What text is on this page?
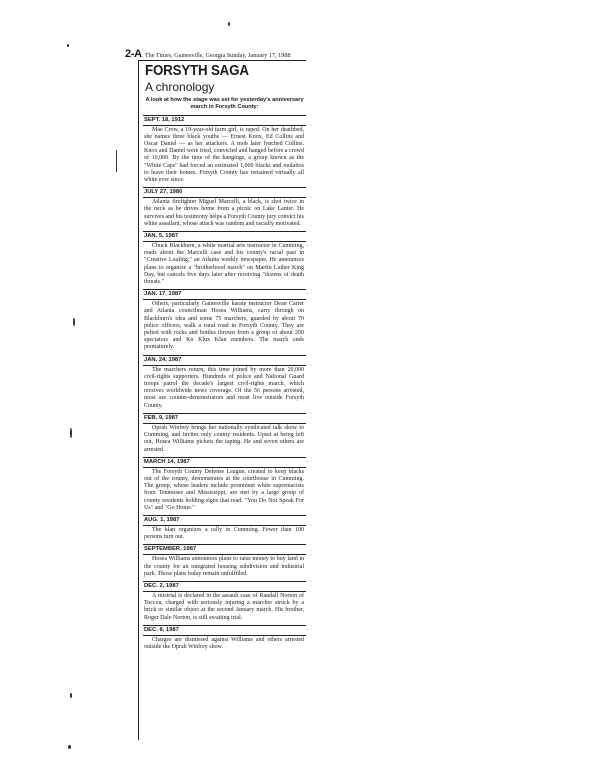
2-A The Times, Gainesville, Georgia Sunday, January 17, 1988
FORSYTH SAGA
A chronology
A look at how the stage was set for yesterday's anniversary march in Forsyth County:
SEPT. 18, 1912
Mae Crow, a 19-year-old farm girl, is raped. On her deathbed, she names three black youths — Ernest Knox, Ed Collins and Oscar Daniel — as her attackers. A mob later lynched Collins. Knox and Daniel were tried, convicted and hanged before a crowd of 10,000. By the time of the hangings, a group known as the "White Caps" had forced an estimated 1,000 blacks and mulattos to leave their homes. Forsyth County has remained virtually all white ever since.
JULY 27, 1980
Atlanta firefighter Miguel Marcelli, a black, is shot twice in the neck as he drives home from a picnic on Lake Lanier. He survives and his testimony helps a Forsyth County jury convict his white assailant, whose attack was random and racially motivated.
JAN. 5, 1987
Chuck Blackburn, a white martial arts instructor in Cumming, reads about the Marcelli case and his county's racial past in "Creative Loafing," an Atlanta weekly newspaper. He announces plans to organize a "brotherhood march" on Martin Luther King Day, but cancels five days later after receiving "dozens of death threats."
JAN. 17, 1987
Others, particularly Gainesville karate instructor Dean Carter and Atlanta councilman Hosea Williams, carry through on Blackburn's idea and some 75 marchers, guarded by about 70 police officers, walk a rural road in Forsyth County. They are pelted with rocks and bottles thrown from a group of about 200 spectators and Ku Klux Klan members. The march ends prematurely.
JAN. 24, 1987
The marchers return, this time joined by more than 20,000 civil-rights supporters. Hundreds of police and National Guard troops patrol the decade's largest civil-rights march, which receives worldwide news coverage. Of the 56 persons arrested, most are counter-demonstrators and most live outside Forsyth County.
FEB. 9, 1987
Oprah Winfrey brings her nationally syndicated talk show to Cumming, and invites only county residents. Upset at being left out, Hosea Williams pickets the taping. He and seven others are arrested.
MARCH 14, 1987
The Forsyth County Defense League, created to keep blacks out of the county, demonstrates at the courthouse in Cumming. The group, whose leaders include prominent white supremacists from Tennessee and Mississippi, are met by a large group of county residents holding signs that read: "You Do Not Speak For Us" and "Go Home."
AUG. 1, 1987
The klan organizes a rally in Cumming. Fewer than 100 persons turn out.
SEPTEMBER, 1987
Hosea Williams announces plans to raise money to buy land in the county for an integrated housing subdivision and industrial park. Those plans today remain unfulfilled.
DEC. 2, 1987
A mistrial is declared in the assault case of Randall Norton of Toccoa, charged with seriously injuring a marcher struck by a brick or similar object at the second January march. His brother, Roger Dale Norton, is still awaiting trial.
DEC. 8, 1987
Charges are dismissed against Williams and others arrested outside the Oprah Winfrey show.
